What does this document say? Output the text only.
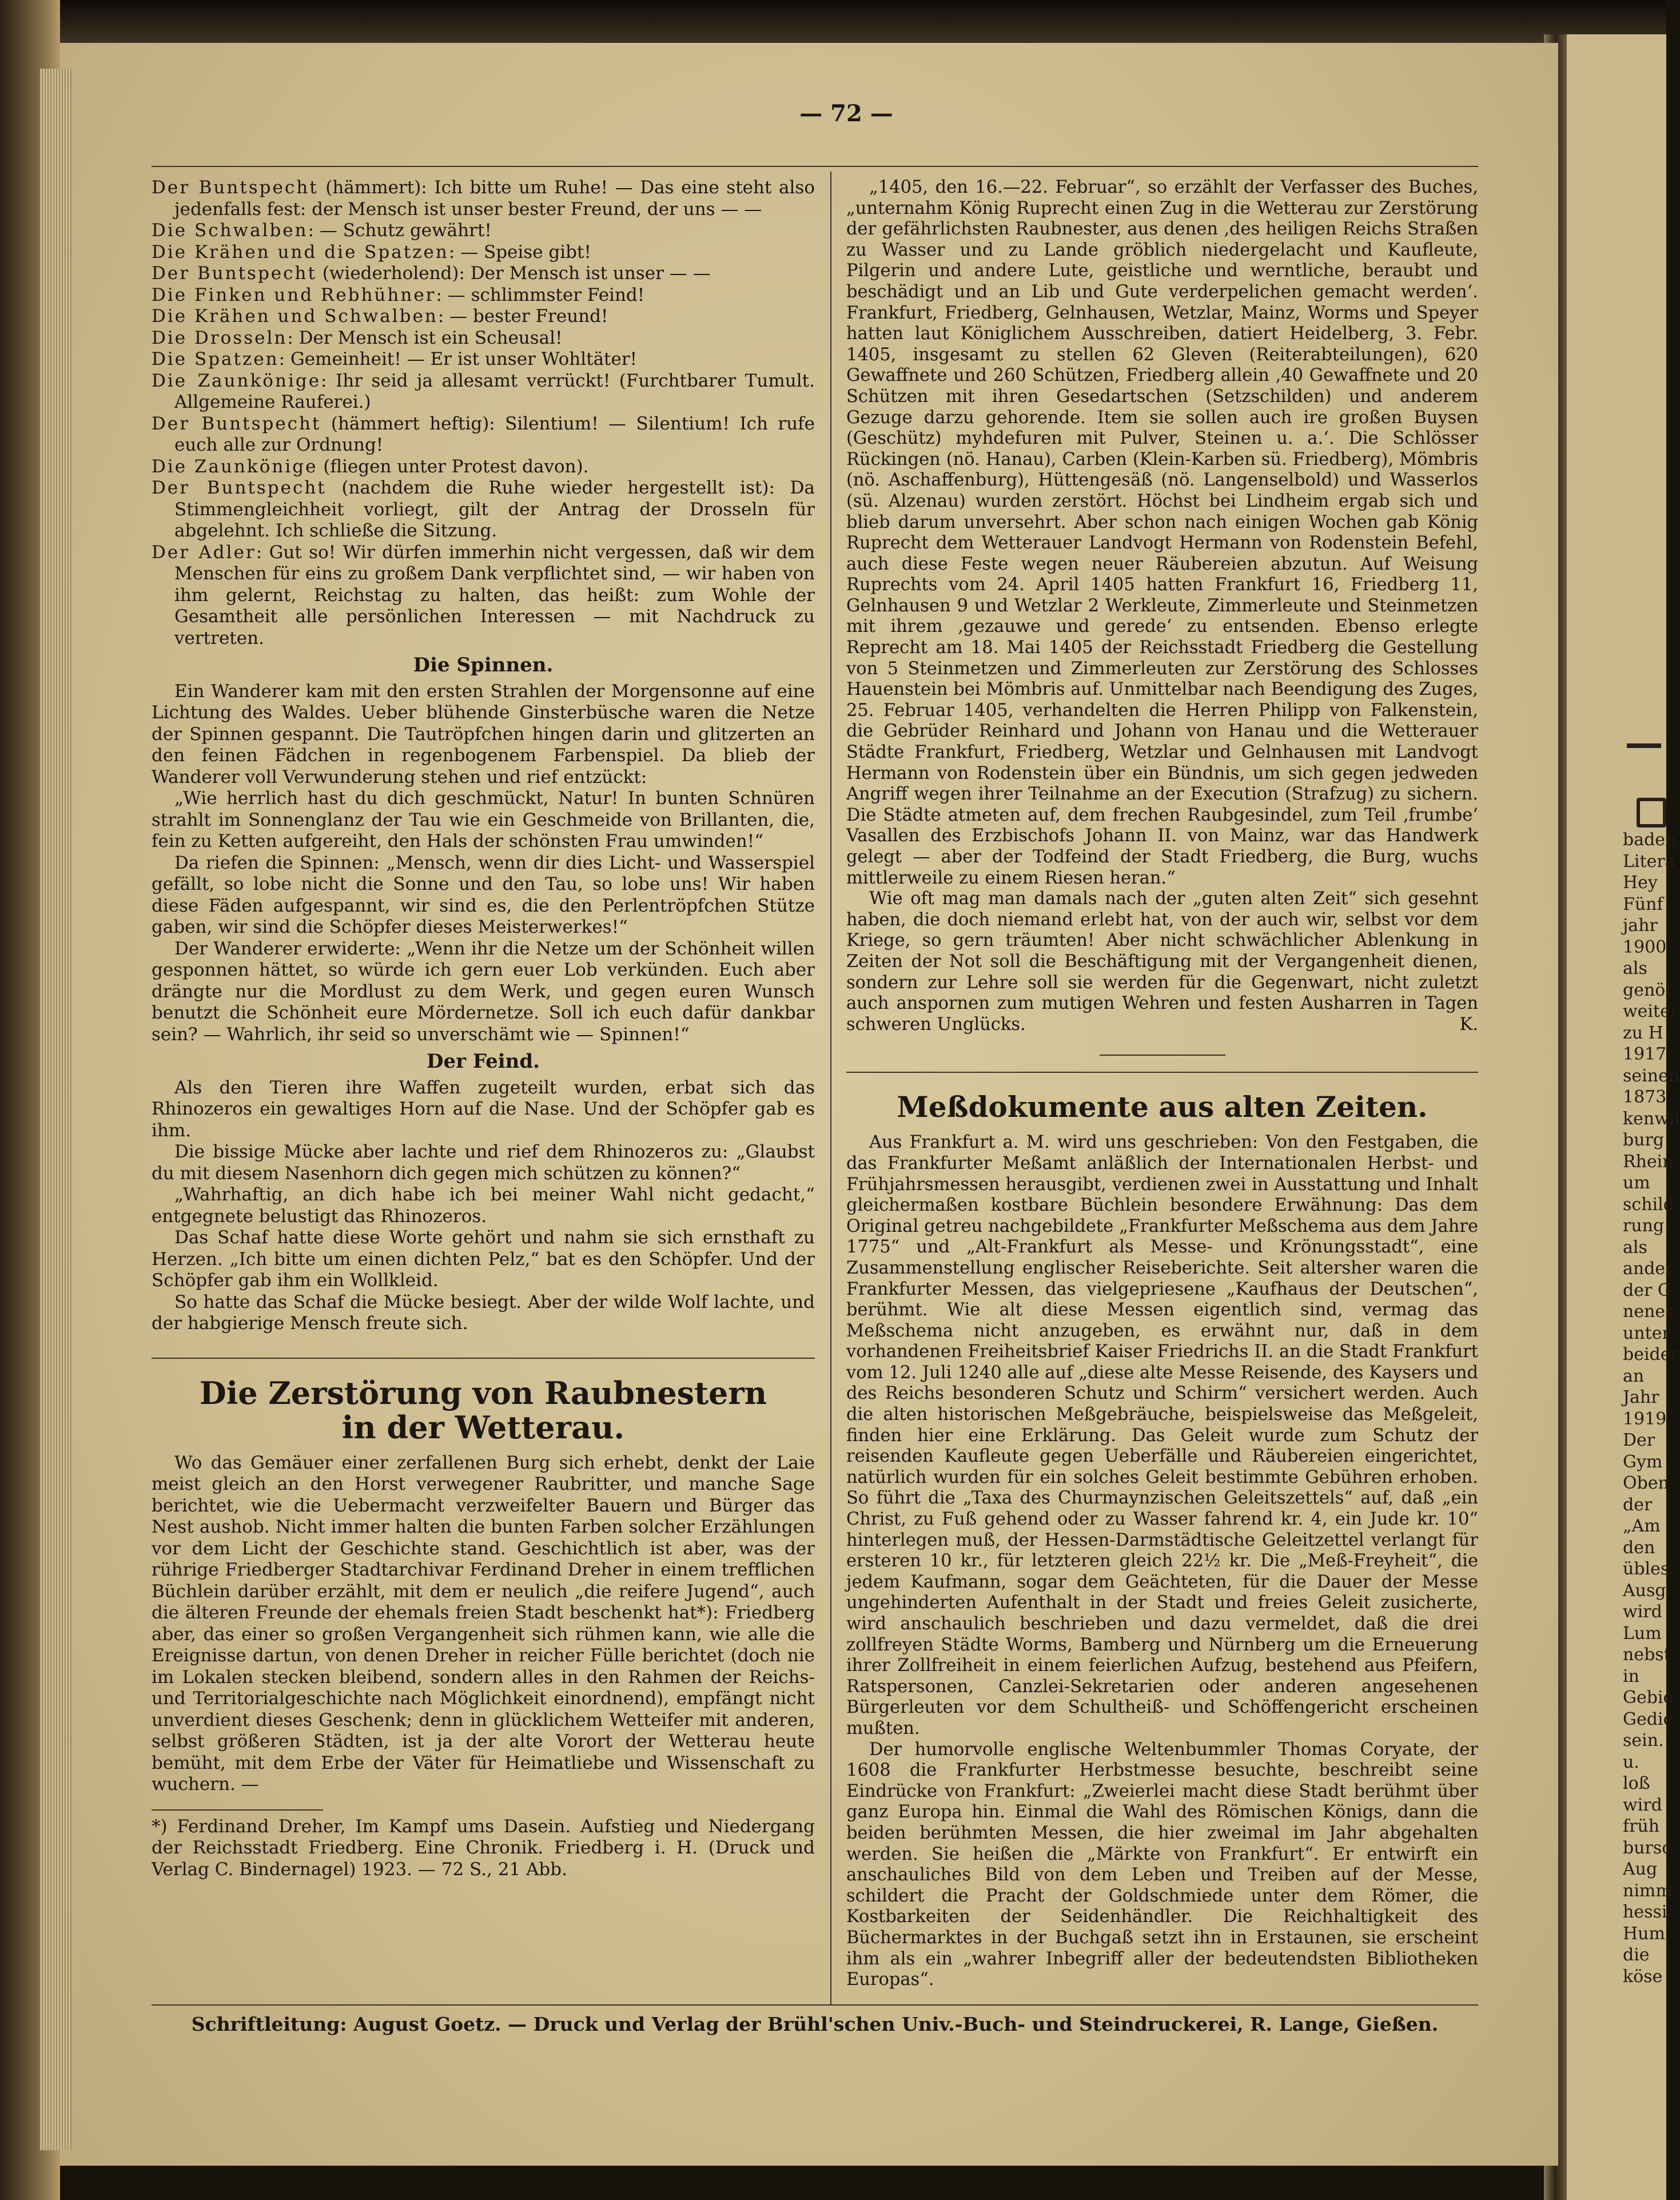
— 72 —

Der Buntspecht (hämmert): Ich bitte um Ruhe! — Das eine steht also jedenfalls fest: der Mensch ist unser bester Freund, der uns — —

Die Schwalben: — Schutz gewährt!

Die Krähen und die Spatzen: — Speise gibt!

Der Buntspecht (wiederholend): Der Mensch ist unser — —

Die Finken und Rebhühner: — schlimmster Feind!

Die Krähen und Schwalben: — bester Freund!

Die Drosseln: Der Mensch ist ein Scheusal!

Die Spatzen: Gemeinheit! — Er ist unser Wohltäter!

Die Zaunkönige: Ihr seid ja allesamt verrückt! (Furchtbarer Tumult. Allgemeine Rauferei.)

Der Buntspecht (hämmert heftig): Silentium! — Silentium! Ich rufe euch alle zur Ordnung!

Die Zaunkönige (fliegen unter Protest davon).

Der Buntspecht (nachdem die Ruhe wieder hergestellt ist): Da Stimmengleichheit vorliegt, gilt der Antrag der Drosseln für abgelehnt. Ich schließe die Sitzung.

Der Adler: Gut so! Wir dürfen immerhin nicht vergessen, daß wir dem Menschen für eins zu großem Dank verpflichtet sind, — wir haben von ihm gelernt, Reichstag zu halten, das heißt: zum Wohle der Gesamtheit alle persönlichen Interessen — mit Nachdruck zu vertreten.

Die Spinnen.

Ein Wanderer kam mit den ersten Strahlen der Morgensonne auf eine Lichtung des Waldes. Ueber blühende Ginsterbüsche waren die Netze der Spinnen gespannt. Die Tautröpfchen hingen darin und glitzerten an den feinen Fädchen in regenbogenem Farbenspiel. Da blieb der Wanderer voll Verwunderung stehen und rief entzückt:

„Wie herrlich hast du dich geschmückt, Natur! In bunten Schnüren strahlt im Sonnenglanz der Tau wie ein Geschmeide von Brillanten, die, fein zu Ketten aufgereiht, den Hals der schönsten Frau umwinden!“

Da riefen die Spinnen: „Mensch, wenn dir dies Licht- und Wasserspiel gefällt, so lobe nicht die Sonne und den Tau, so lobe uns! Wir haben diese Fäden aufgespannt, wir sind es, die den Perlentröpfchen Stütze gaben, wir sind die Schöpfer dieses Meisterwerkes!“

Der Wanderer erwiderte: „Wenn ihr die Netze um der Schönheit willen gesponnen hättet, so würde ich gern euer Lob verkünden. Euch aber drängte nur die Mordlust zu dem Werk, und gegen euren Wunsch benutzt die Schönheit eure Mördernetze. Soll ich euch dafür dankbar sein? — Wahrlich, ihr seid so unverschämt wie — Spinnen!“

Der Feind.

Als den Tieren ihre Waffen zugeteilt wurden, erbat sich das Rhinozeros ein gewaltiges Horn auf die Nase. Und der Schöpfer gab es ihm.

Die bissige Mücke aber lachte und rief dem Rhinozeros zu: „Glaubst du mit diesem Nasenhorn dich gegen mich schützen zu können?“

„Wahrhaftig, an dich habe ich bei meiner Wahl nicht gedacht,“ entgegnete belustigt das Rhinozeros.

Das Schaf hatte diese Worte gehört und nahm sie sich ernsthaft zu Herzen. „Ich bitte um einen dichten Pelz,“ bat es den Schöpfer. Und der Schöpfer gab ihm ein Wollkleid.

So hatte das Schaf die Mücke besiegt. Aber der wilde Wolf lachte, und der habgierige Mensch freute sich.

Die Zerstörung von Raubnestern

in der Wetterau.

Wo das Gemäuer einer zerfallenen Burg sich erhebt, denkt der Laie meist gleich an den Horst verwegener Raubritter, und manche Sage berichtet, wie die Uebermacht verzweifelter Bauern und Bürger das Nest aushob. Nicht immer halten die bunten Farben solcher Erzählungen vor dem Licht der Geschichte stand. Geschichtlich ist aber, was der rührige Friedberger Stadtarchivar Ferdinand Dreher in einem trefflichen Büchlein darüber erzählt, mit dem er neulich „die reifere Jugend“, auch die älteren Freunde der ehemals freien Stadt beschenkt hat*): Friedberg aber, das einer so großen Vergangenheit sich rühmen kann, wie alle die Ereignisse dartun, von denen Dreher in reicher Fülle berichtet (doch nie im Lokalen stecken bleibend, sondern alles in den Rahmen der Reichs- und Territorialgeschichte nach Möglichkeit einordnend), empfängt nicht unverdient dieses Geschenk; denn in glücklichem Wetteifer mit anderen, selbst größeren Städten, ist ja der alte Vorort der Wetterau heute bemüht, mit dem Erbe der Väter für Heimatliebe und Wissenschaft zu wuchern. —

*) Ferdinand Dreher, Im Kampf ums Dasein. Aufstieg und Niedergang der Reichsstadt Friedberg. Eine Chronik. Friedberg i. H. (Druck und Verlag C. Bindernagel) 1923. — 72 S., 21 Abb.

„1405, den 16.—22. Februar“, so erzählt der Verfasser des Buches, „unternahm König Ruprecht einen Zug in die Wetterau zur Zerstörung der gefährlichsten Raubnester, aus denen ‚des heiligen Reichs Straßen zu Wasser und zu Lande gröblich niedergelacht und Kaufleute, Pilgerin und andere Lute, geistliche und werntliche, beraubt und beschädigt und an Lib und Gute verderpelichen gemacht werden‘. Frankfurt, Friedberg, Gelnhausen, Wetzlar, Mainz, Worms und Speyer hatten laut Königlichem Ausschreiben, datiert Heidelberg, 3. Febr. 1405, insgesamt zu stellen 62 Gleven (Reiterabteilungen), 620 Gewaffnete und 260 Schützen, Friedberg allein ‚40 Gewaffnete und 20 Schützen mit ihren Gesedartschen (Setzschilden) und anderem Gezuge darzu gehorende. Item sie sollen auch ire großen Buysen (Geschütz) myhdefuren mit Pulver, Steinen u. a.‘. Die Schlösser Rückingen (nö. Hanau), Carben (Klein-Karben sü. Friedberg), Mömbris (nö. Aschaffenburg), Hüttengesäß (nö. Langenselbold) und Wasserlos (sü. Alzenau) wurden zerstört. Höchst bei Lindheim ergab sich und blieb darum unversehrt. Aber schon nach einigen Wochen gab König Ruprecht dem Wetterauer Landvogt Hermann von Rodenstein Befehl, auch diese Feste wegen neuer Räubereien abzutun. Auf Weisung Ruprechts vom 24. April 1405 hatten Frankfurt 16, Friedberg 11, Gelnhausen 9 und Wetzlar 2 Werkleute, Zimmerleute und Steinmetzen mit ihrem ‚gezauwe und gerede‘ zu entsenden. Ebenso erlegte Reprecht am 18. Mai 1405 der Reichsstadt Friedberg die Gestellung von 5 Steinmetzen und Zimmerleuten zur Zerstörung des Schlosses Hauenstein bei Mömbris auf. Unmittelbar nach Beendigung des Zuges, 25. Februar 1405, verhandelten die Herren Philipp von Falkenstein, die Gebrüder Reinhard und Johann von Hanau und die Wetterauer Städte Frankfurt, Friedberg, Wetzlar und Gelnhausen mit Landvogt Hermann von Rodenstein über ein Bündnis, um sich gegen jedweden Angriff wegen ihrer Teilnahme an der Execution (Strafzug) zu sichern. Die Städte atmeten auf, dem frechen Raubgesindel, zum Teil ‚frumbe‘ Vasallen des Erzbischofs Johann II. von Mainz, war das Handwerk gelegt — aber der Todfeind der Stadt Friedberg, die Burg, wuchs mittlerweile zu einem Riesen heran.“

Wie oft mag man damals nach der „guten alten Zeit“ sich gesehnt haben, die doch niemand erlebt hat, von der auch wir, selbst vor dem Kriege, so gern träumten! Aber nicht schwächlicher Ablenkung in Zeiten der Not soll die Beschäftigung mit der Vergangenheit dienen, sondern zur Lehre soll sie werden für die Gegenwart, nicht zuletzt auch anspornen zum mutigen Wehren und festen Ausharren in Tagen schweren Unglücks.	K.

Meßdokumente aus alten Zeiten.

Aus Frankfurt a. M. wird uns geschrieben: Von den Festgaben, die das Frankfurter Meßamt anläßlich der Internationalen Herbst- und Frühjahrsmessen herausgibt, verdienen zwei in Ausstattung und Inhalt gleichermaßen kostbare Büchlein besondere Erwähnung: Das dem Original getreu nachgebildete „Frankfurter Meßschema aus dem Jahre 1775“ und „Alt-Frankfurt als Messe- und Krönungsstadt“, eine Zusammenstellung englischer Reiseberichte. Seit altersher waren die Frankfurter Messen, das vielgepriesene „Kaufhaus der Deutschen“, berühmt. Wie alt diese Messen eigentlich sind, vermag das Meßschema nicht anzugeben, es erwähnt nur, daß in dem vorhandenen Freiheitsbrief Kaiser Friedrichs II. an die Stadt Frankfurt vom 12. Juli 1240 alle auf „diese alte Messe Reisende, des Kaysers und des Reichs besonderen Schutz und Schirm“ versichert werden. Auch die alten historischen Meßgebräuche, beispielsweise das Meßgeleit, finden hier eine Erklärung. Das Geleit wurde zum Schutz der reisenden Kaufleute gegen Ueberfälle und Räubereien eingerichtet, natürlich wurden für ein solches Geleit bestimmte Gebühren erhoben. So führt die „Taxa des Churmaynzischen Geleitszettels“ auf, daß „ein Christ, zu Fuß gehend oder zu Wasser fahrend kr. 4, ein Jude kr. 10“ hinterlegen muß, der Hessen-Darmstädtische Geleitzettel verlangt für ersteren 10 kr., für letzteren gleich 22½ kr. Die „Meß-Freyheit“, die jedem Kaufmann, sogar dem Geächteten, für die Dauer der Messe ungehinderten Aufenthalt in der Stadt und freies Geleit zusicherte, wird anschaulich beschrieben und dazu vermeldet, daß die drei zollfreyen Städte Worms, Bamberg und Nürnberg um die Erneuerung ihrer Zollfreiheit in einem feierlichen Aufzug, bestehend aus Pfeifern, Ratspersonen, Canzlei-Sekretarien oder anderen angesehenen Bürgerleuten vor dem Schultheiß- und Schöffengericht erscheinen mußten.

Der humorvolle englische Weltenbummler Thomas Coryate, der 1608 die Frankfurter Herbstmesse besuchte, beschreibt seine Eindrücke von Frankfurt: „Zweierlei macht diese Stadt berühmt über ganz Europa hin. Einmal die Wahl des Römischen Königs, dann die beiden berühmten Messen, die hier zweimal im Jahr abgehalten werden. Sie heißen die „Märkte von Frankfurt“. Er entwirft ein anschauliches Bild von dem Leben und Treiben auf der Messe, schildert die Pracht der Goldschmiede unter dem Römer, die Kostbarkeiten der Seidenhändler. Die Reichhaltigkeit des Büchermarktes in der Buchgaß setzt ihn in Erstaunen, sie erscheint ihm als ein „wahrer Inbegriff aller der bedeutendsten Bibliotheken Europas“.

Schriftleitung: August Goetz. — Druck und Verlag der Brühl'schen Univ.-Buch- und Steindruckerei, R. Lange, Gießen.
baden
Litera
Hey
Fünf
jahr
1900
als
genöf
weiter
zu H
1917
seinen
1873
kenwil
burg
Rhein
um
schild
rung
als
ander
der G
nenes
unter
beider
an
Jahr
1919
Der
Gym
Oben
der
„Am
den
übles
Ausg
wird
Lum
nebst
in
Gebie
Gedic
sein.
u.
loß
wird
früh
bursc
Aug
nimm
hessi
Hum
die
köse
